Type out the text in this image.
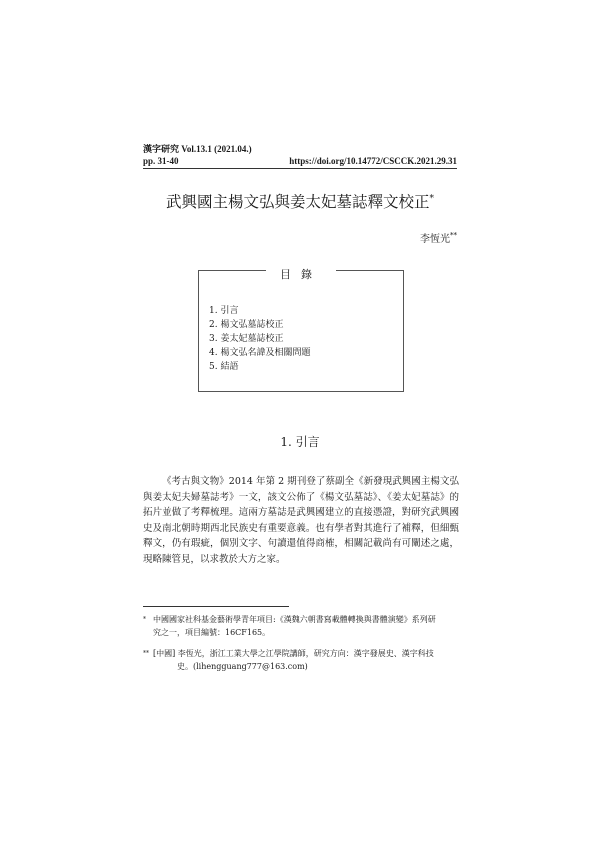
漢字研究 Vol.13.1 (2021.04.)
pp. 31-40	https://doi.org/10.14772/CSCCK.2021.29.31
武興國主楊文弘與姜太妃墓誌釋文校正*
李恆光**
目錄
1. 引言
2. 楊文弘墓誌校正
3. 姜太妃墓誌校正
4. 楊文弘名諱及相關問題
5. 結語
1. 引言

《考古與文物》2014 年第 2 期刊登了蔡副全《新發現武興國主楊文弘與姜太妃夫婦墓誌考》一文，該文公佈了《楊文弘墓誌》、《姜太妃墓誌》的拓片並做了考釋梳理。這兩方墓誌是武興國建立的直接憑證，對研究武興國史及南北朝時期西北民族史有重要意義。也有學者對其進行了補釋，但細甄釋文，仍有瑕疵，個別文字、句讀還值得商榷，相關記載尚有可闡述之處，現略陳管見，以求教於大方之家。

* 中國國家社科基金藝術學青年項目:《漢魏六朝書寫載體轉換與書體演變》系列研
究之一，項目編號：16CF165。
** [中國] 李恆光，浙江工業大學之江學院講師，研究方向：漢字發展史、漢字科技
史。(lihengguang777@163.com)
